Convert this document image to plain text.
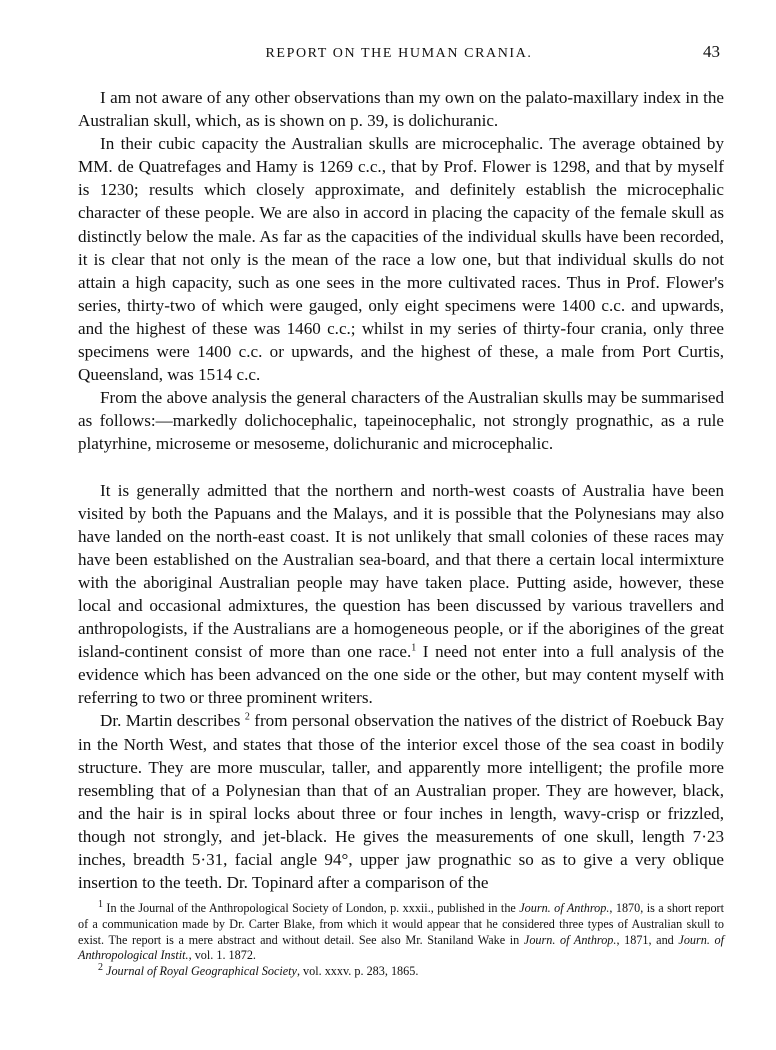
REPORT ON THE HUMAN CRANIA.	43

I am not aware of any other observations than my own on the palato-maxillary index in the Australian skull, which, as is shown on p. 39, is dolichuranic.

In their cubic capacity the Australian skulls are microcephalic. The average obtained by MM. de Quatrefages and Hamy is 1269 c.c., that by Prof. Flower is 1298, and that by myself is 1230; results which closely approximate, and definitely establish the microcephalic character of these people. We are also in accord in placing the capacity of the female skull as distinctly below the male. As far as the capacities of the individual skulls have been recorded, it is clear that not only is the mean of the race a low one, but that individual skulls do not attain a high capacity, such as one sees in the more cultivated races. Thus in Prof. Flower's series, thirty-two of which were gauged, only eight specimens were 1400 c.c. and upwards, and the highest of these was 1460 c.c.; whilst in my series of thirty-four crania, only three specimens were 1400 c.c. or upwards, and the highest of these, a male from Port Curtis, Queensland, was 1514 c.c.

From the above analysis the general characters of the Australian skulls may be summarised as follows:—markedly dolichocephalic, tapeinocephalic, not strongly prognathic, as a rule platyrhine, microseme or mesoseme, dolichuranic and microcephalic.

It is generally admitted that the northern and north-west coasts of Australia have been visited by both the Papuans and the Malays, and it is possible that the Polynesians may also have landed on the north-east coast. It is not unlikely that small colonies of these races may have been established on the Australian sea-board, and that there a certain local intermixture with the aboriginal Australian people may have taken place. Putting aside, however, these local and occasional admixtures, the question has been discussed by various travellers and anthropologists, if the Australians are a homogeneous people, or if the aborigines of the great island-continent consist of more than one race.$^1$ I need not enter into a full analysis of the evidence which has been advanced on the one side or the other, but may content myself with referring to two or three prominent writers.

Dr. Martin describes $^2$ from personal observation the natives of the district of Roebuck Bay in the North West, and states that those of the interior excel those of the sea coast in bodily structure. They are more muscular, taller, and apparently more intelligent; the profile more resembling that of a Polynesian than that of an Australian proper. They are however, black, and the hair is in spiral locks about three or four inches in length, wavy-crisp or frizzled, though not strongly, and jet-black. He gives the measurements of one skull, length 7·23 inches, breadth 5·31, facial angle 94°, upper jaw prognathic so as to give a very oblique insertion to the teeth. Dr. Topinard after a comparison of the

$^1$ In the Journal of the Anthropological Society of London, p. xxxii., published in the Journ. of Anthrop., 1870, is a short report of a communication made by Dr. Carter Blake, from which it would appear that he considered three types of Australian skull to exist. The report is a mere abstract and without detail. See also Mr. Staniland Wake in Journ. of Anthrop., 1871, and Journ. of Anthropological Instit., vol. 1. 1872.

$^2$ Journal of Royal Geographical Society, vol. xxxv. p. 283, 1865.
